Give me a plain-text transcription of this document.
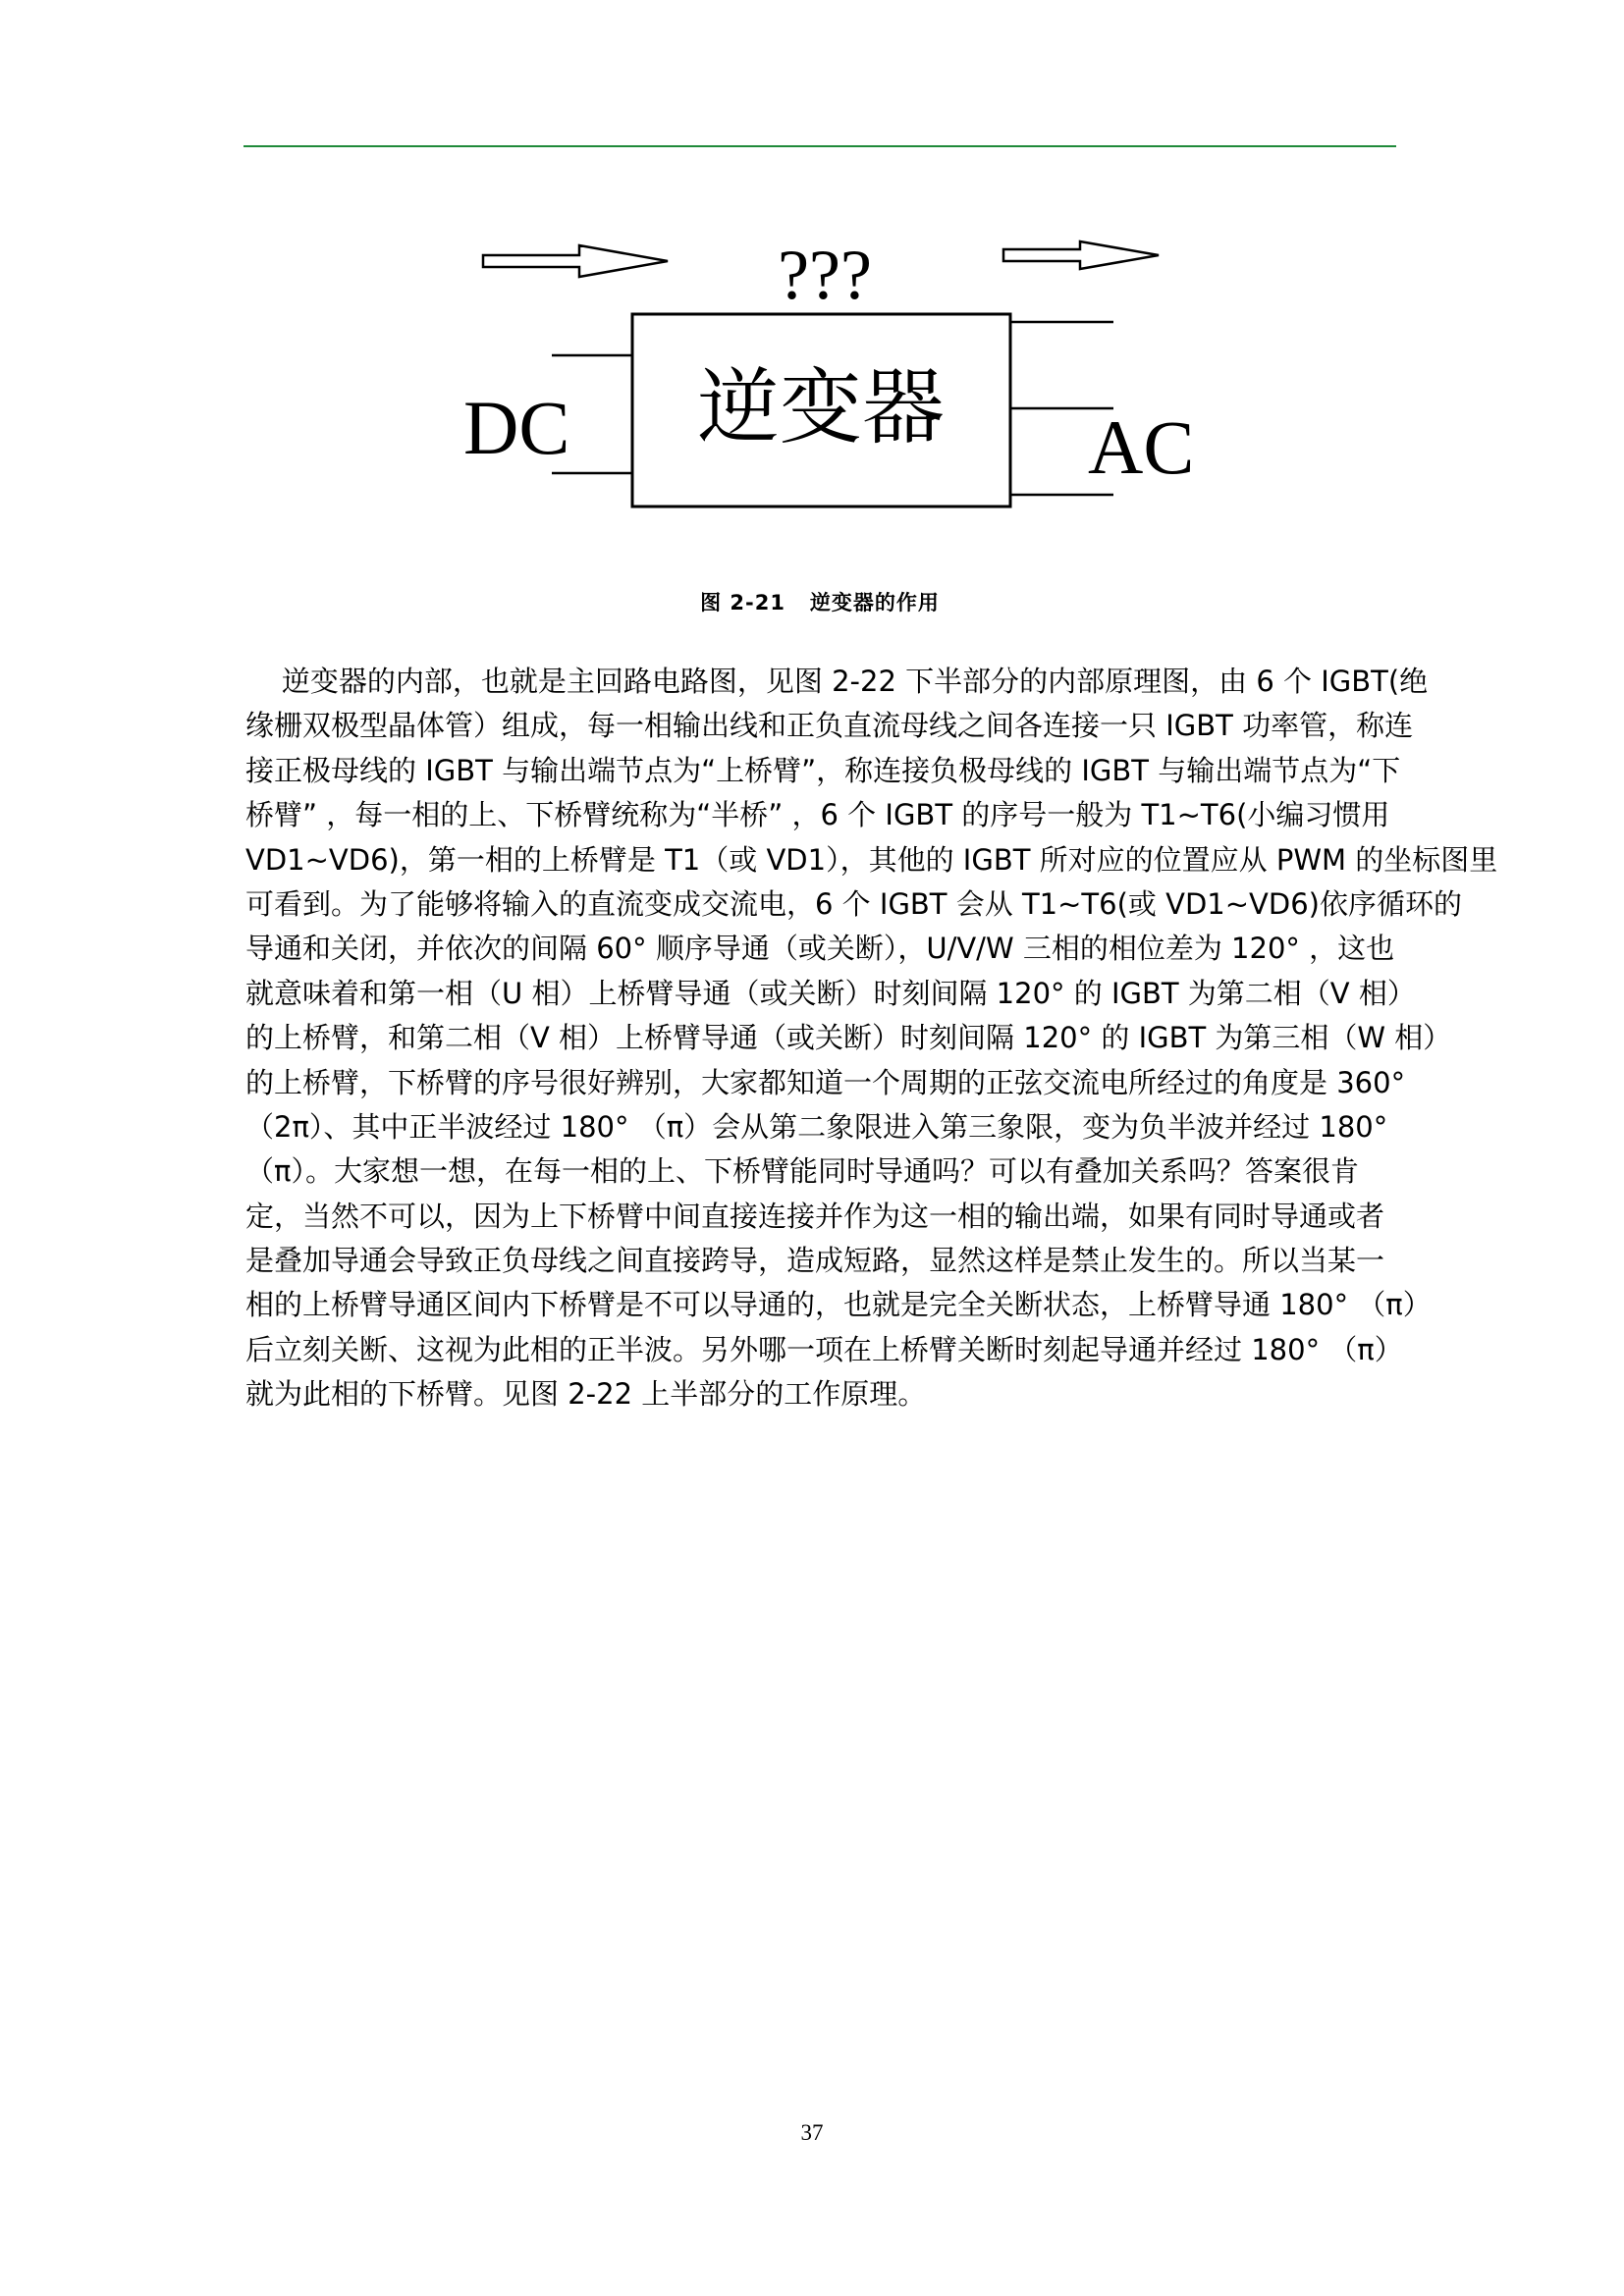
???
逆变器
DC	AC
图 2-21   逆变器的作用
逆变器的内部，也就是主回路电路图，见图 2-22 下半部分的内部原理图，由 6 个 IGBT(绝
缘栅双极型晶体管）组成，每一相输出线和正负直流母线之间各连接一只 IGBT 功率管，称连
接正极母线的 IGBT 与输出端节点为“上桥臂”，称连接负极母线的 IGBT 与输出端节点为“下
桥臂” ，每一相的上、下桥臂统称为“半桥” ，6 个 IGBT 的序号一般为 T1~T6(小编习惯用
VD1~VD6)，第一相的上桥臂是 T1（或 VD1），其他的 IGBT 所对应的位置应从 PWM 的坐标图里
可看到。为了能够将输入的直流变成交流电，6 个 IGBT 会从 T1~T6(或 VD1~VD6)依序循环的
导通和关闭，并依次的间隔 60° 顺序导通（或关断），U/V/W 三相的相位差为 120° ，这也
就意味着和第一相（U 相）上桥臂导通（或关断）时刻间隔 120° 的 IGBT 为第二相（V 相）
的上桥臂，和第二相（V 相）上桥臂导通（或关断）时刻间隔 120° 的 IGBT 为第三相（W 相）
的上桥臂，下桥臂的序号很好辨别，大家都知道一个周期的正弦交流电所经过的角度是 360°
（2π）、其中正半波经过 180° （π）会从第二象限进入第三象限，变为负半波并经过 180°
（π）。大家想一想，在每一相的上、下桥臂能同时导通吗？可以有叠加关系吗？答案很肯
定，当然不可以，因为上下桥臂中间直接连接并作为这一相的输出端，如果有同时导通或者
是叠加导通会导致正负母线之间直接跨导，造成短路，显然这样是禁止发生的。所以当某一
相的上桥臂导通区间内下桥臂是不可以导通的，也就是完全关断状态，上桥臂导通 180° （π）
后立刻关断、这视为此相的正半波。另外哪一项在上桥臂关断时刻起导通并经过 180° （π）
就为此相的下桥臂。见图 2-22 上半部分的工作原理。
37
